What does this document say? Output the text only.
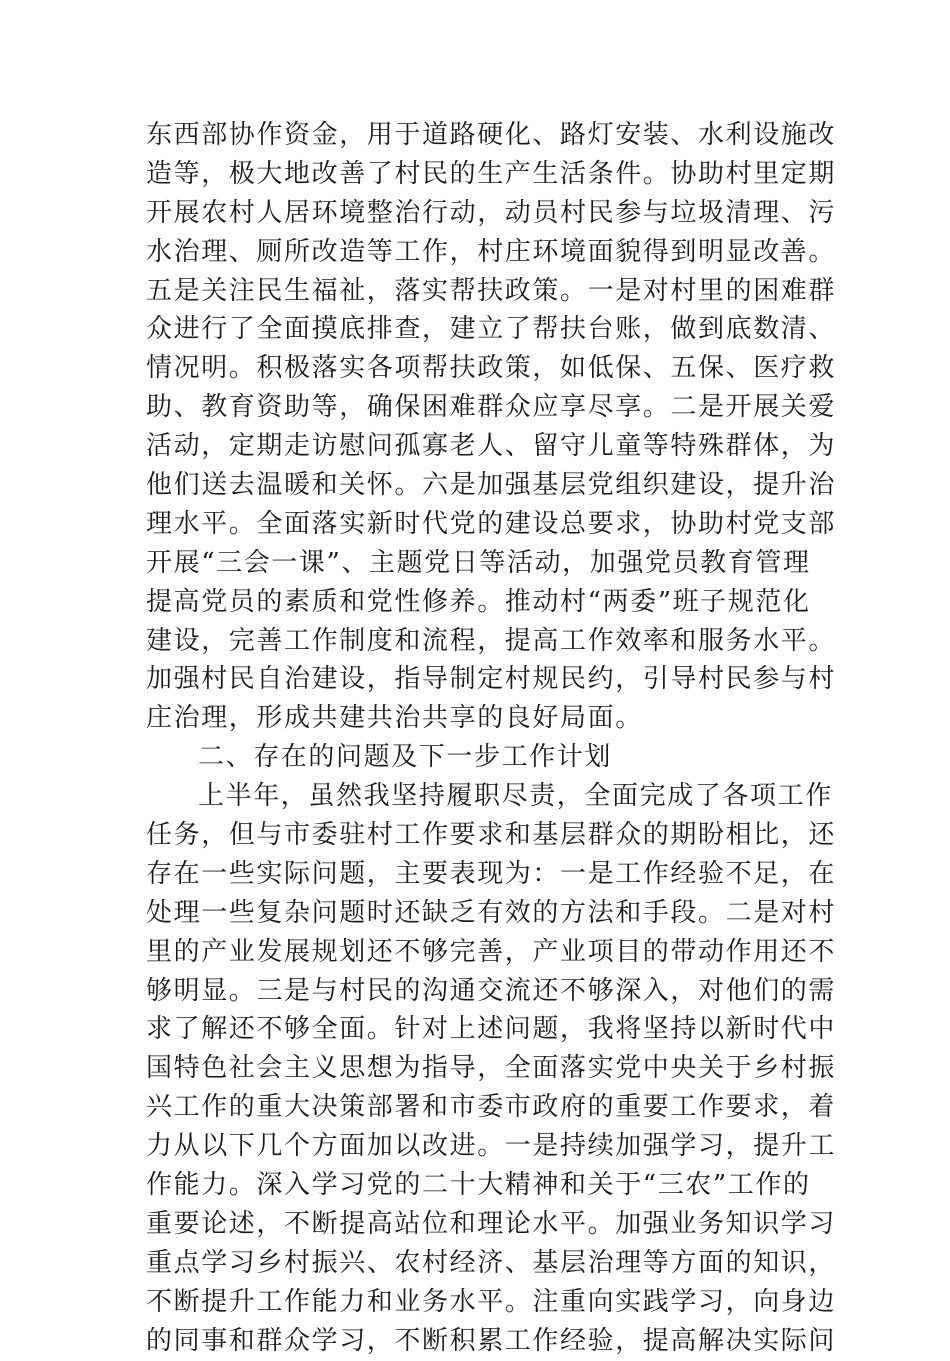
东西部协作资金，用于道路硬化、路灯安装、水利设施改
造等，极大地改善了村民的生产生活条件。协助村里定期
开展农村人居环境整治行动，动员村民参与垃圾清理、污
水治理、厕所改造等工作，村庄环境面貌得到明显改善。
五是关注民生福祉，落实帮扶政策。一是对村里的困难群
众进行了全面摸底排查，建立了帮扶台账，做到底数清、
情况明。积极落实各项帮扶政策，如低保、五保、医疗救
助、教育资助等，确保困难群众应享尽享。二是开展关爱
活动，定期走访慰问孤寡老人、留守儿童等特殊群体，为
他们送去温暖和关怀。六是加强基层党组织建设，提升治
理水平。全面落实新时代党的建设总要求，协助村党支部
开展“三会一课”、主题党日等活动，加强党员教育管理
提高党员的素质和党性修养。推动村“两委”班子规范化
建设，完善工作制度和流程，提高工作效率和服务水平。
加强村民自治建设，指导制定村规民约，引导村民参与村
庄治理，形成共建共治共享的良好局面。
二、存在的问题及下一步工作计划
上半年，虽然我坚持履职尽责，全面完成了各项工作
任务，但与市委驻村工作要求和基层群众的期盼相比，还
存在一些实际问题，主要表现为：一是工作经验不足，在
处理一些复杂问题时还缺乏有效的方法和手段。二是对村
里的产业发展规划还不够完善，产业项目的带动作用还不
够明显。三是与村民的沟通交流还不够深入，对他们的需
求了解还不够全面。针对上述问题，我将坚持以新时代中
国特色社会主义思想为指导，全面落实党中央关于乡村振
兴工作的重大决策部署和市委市政府的重要工作要求，着
力从以下几个方面加以改进。一是持续加强学习，提升工
作能力。深入学习党的二十大精神和关于“三农”工作的
重要论述，不断提高站位和理论水平。加强业务知识学习
重点学习乡村振兴、农村经济、基层治理等方面的知识，
不断提升工作能力和业务水平。注重向实践学习，向身边
的同事和群众学习，不断积累工作经验，提高解决实际问
